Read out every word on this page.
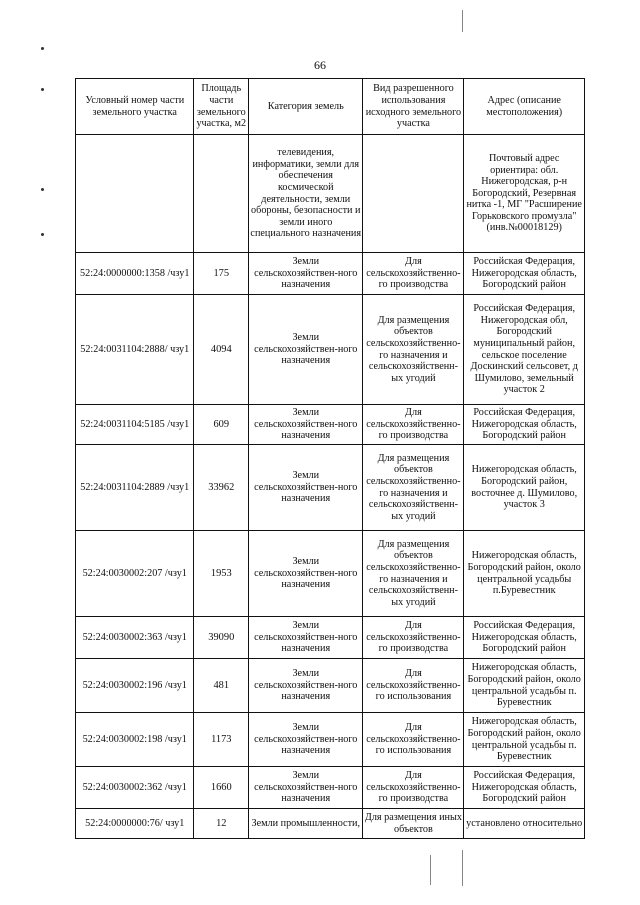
66
Условный номер части земельного участка	Площадь части земельного участка, м2	Категория земель	Вид разрешенного использования исходного земельного участка	Адрес (описание местоположения)
		телевидения, информатики, земли для обеспечения космической деятельности, земли обороны, безопасности и земли иного специального назначения		Почтовый адрес ориентира: обл. Нижегородская, р-н Богородский, Резервная нитка -1, МГ "Расширение Горьковского промузла" (инв.№00018129)
52:24:0000000:1358 /чзу1	175	Земли сельскохозяйствен-ного назначения	Для сельскохозяйственно-го производства	Российская Федерация, Нижегородская область, Богородский район
52:24:0031104:2888/ чзу1	4094	Земли сельскохозяйствен-ного назначения	Для размещения объектов сельскохозяйственно-го назначения и сельскохозяйственн-ых угодий	Российская Федерация, Нижегородская обл, Богородский муниципальный район, сельское поселение Доскинский сельсовет, д Шумилово, земельный участок 2
52:24:0031104:5185 /чзу1	609	Земли сельскохозяйствен-ного назначения	Для сельскохозяйственно-го производства	Российская Федерация, Нижегородская область, Богородский район
52:24:0031104:2889 /чзу1	33962	Земли сельскохозяйствен-ного назначения	Для размещения объектов сельскохозяйственно-го назначения и сельскохозяйственн-ых угодий	Нижегородская область, Богородский район, восточнее д. Шумилово, участок 3
52:24:0030002:207 /чзу1	1953	Земли сельскохозяйствен-ного назначения	Для размещения объектов сельскохозяйственно-го назначения и сельскохозяйственн-ых угодий	Нижегородская область, Богородский район, около центральной усадьбы п.Буревестник
52:24:0030002:363 /чзу1	39090	Земли сельскохозяйствен-ного назначения	Для сельскохозяйственно-го производства	Российская Федерация, Нижегородская область, Богородский район
52:24:0030002:196 /чзу1	481	Земли сельскохозяйствен-ного назначения	Для сельскохозяйственно-го использования	Нижегородская область, Богородский район, около центральной усадьбы п. Буревестник
52:24:0030002:198 /чзу1	1173	Земли сельскохозяйствен-ного назначения	Для сельскохозяйственно-го использования	Нижегородская область, Богородский район, около центральной усадьбы п. Буревестник
52:24:0030002:362 /чзу1	1660	Земли сельскохозяйствен-ного назначения	Для сельскохозяйственно-го производства	Российская Федерация, Нижегородская область, Богородский район
52:24:0000000:76/ чзу1	12	Земли промышленности,	Для размещения иных объектов	установлено относительно
